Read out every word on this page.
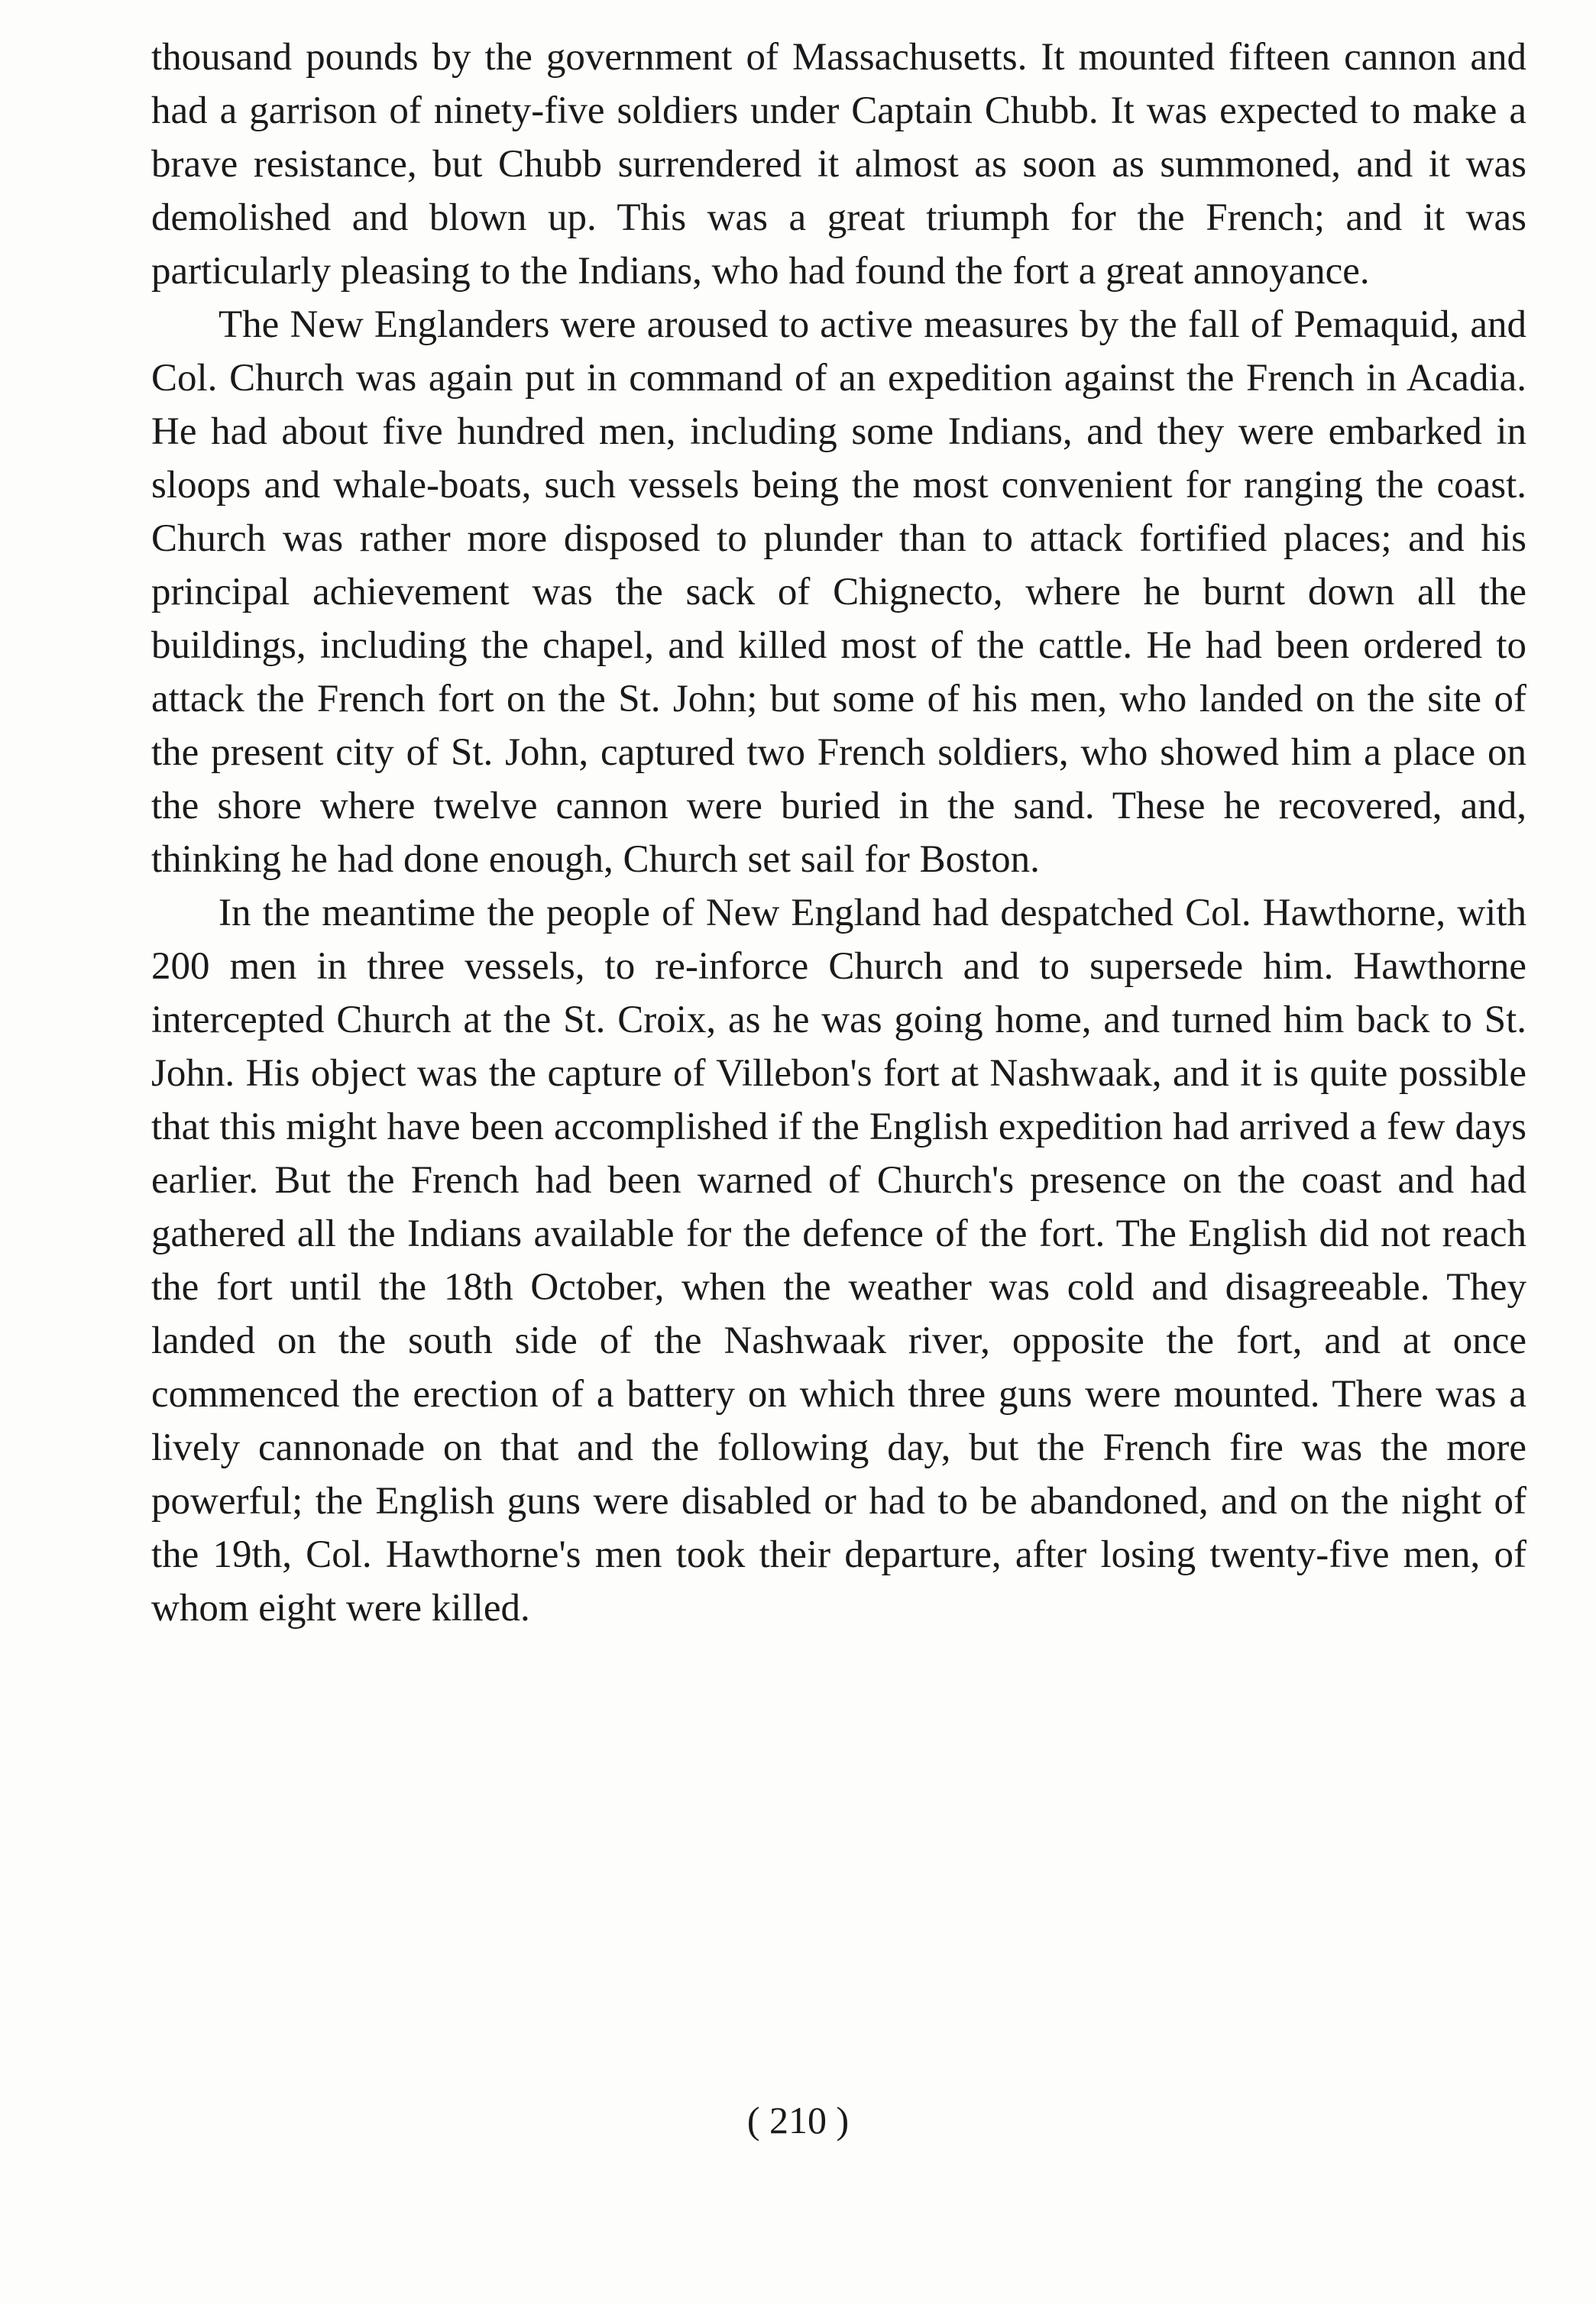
thousand pounds by the government of Massachusetts. It mounted fifteen cannon and had a garrison of ninety-five soldiers under Captain Chubb. It was expected to make a brave resistance, but Chubb surrendered it almost as soon as summoned, and it was demolished and blown up. This was a great triumph for the French; and it was particularly pleasing to the Indians, who had found the fort a great annoyance.

The New Englanders were aroused to active measures by the fall of Pemaquid, and Col. Church was again put in command of an expedition against the French in Acadia. He had about five hundred men, including some Indians, and they were embarked in sloops and whale-boats, such vessels being the most convenient for ranging the coast. Church was rather more disposed to plunder than to attack fortified places; and his principal achievement was the sack of Chignecto, where he burnt down all the buildings, including the chapel, and killed most of the cattle. He had been ordered to attack the French fort on the St. John; but some of his men, who landed on the site of the present city of St. John, captured two French soldiers, who showed him a place on the shore where twelve cannon were buried in the sand. These he recovered, and, thinking he had done enough, Church set sail for Boston.

In the meantime the people of New England had despatched Col. Hawthorne, with 200 men in three vessels, to re-inforce Church and to supersede him. Hawthorne intercepted Church at the St. Croix, as he was going home, and turned him back to St. John. His object was the capture of Villebon's fort at Nashwaak, and it is quite possible that this might have been accomplished if the English expedition had arrived a few days earlier. But the French had been warned of Church's presence on the coast and had gathered all the Indians available for the defence of the fort. The English did not reach the fort until the 18th October, when the weather was cold and disagreeable. They landed on the south side of the Nashwaak river, opposite the fort, and at once commenced the erection of a battery on which three guns were mounted. There was a lively cannonade on that and the following day, but the French fire was the more powerful; the English guns were disabled or had to be abandoned, and on the night of the 19th, Col. Hawthorne's men took their departure, after losing twenty-five men, of whom eight were killed.

( 210 )
